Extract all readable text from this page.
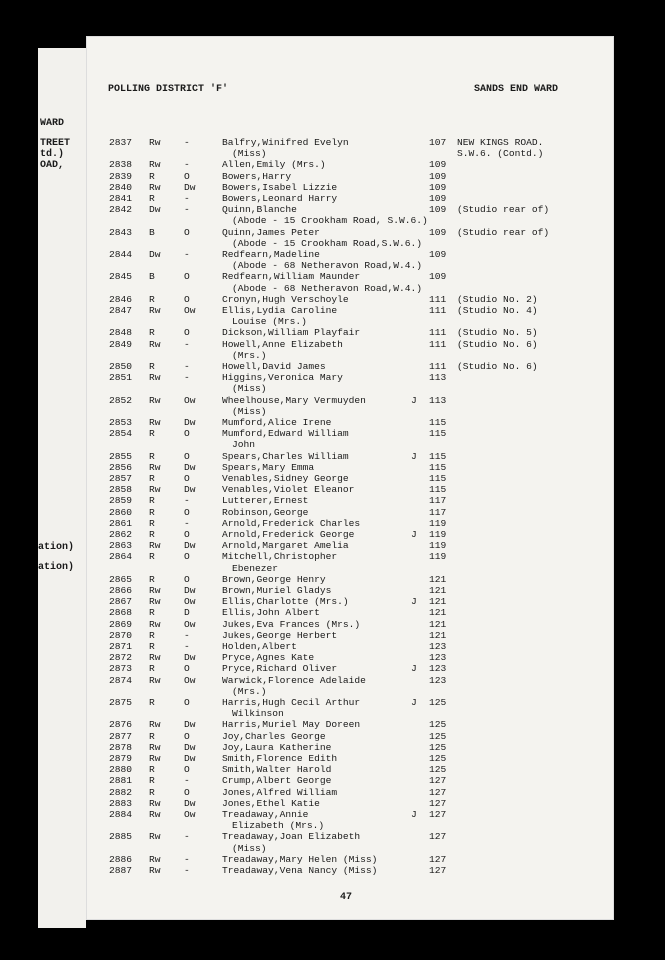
WARD
TREET
td.)
OAD,
ation)
ation)
POLLING DISTRICT 'F'	SANDS END WARD
2837 Rw -	Balfry,Winifred Evelyn	107 NEW KINGS ROAD.
(Miss)	S.W.6. (Contd.)
2838 Rw -	Allen,Emily (Mrs.)	109
2839 R	O	Bowers,Harry	109
2840 Rw Dw	Bowers,Isabel Lizzie	109
2841 R	-	Bowers,Leonard Harry	109
2842 Dw -	Quinn,Blanche	109 (Studio rear of)
(Abode - 15 Crookham Road, S.W.6.)
2843 B	O	Quinn,James Peter	109 (Studio rear of)
(Abode - 15 Crookham Road,S.W.6.)
2844 Dw -	Redfearn,Madeline	109
(Abode - 68 Netheravon Road,W.4.)
2845 B	O	Redfearn,William Maunder	109
(Abode - 68 Netheravon Road,W.4.)
2846 R	O	Cronyn,Hugh Verschoyle	111 (Studio No. 2)
2847 Rw Ow	Ellis,Lydia Caroline	111 (Studio No. 4)
Louise (Mrs.)
2848 R	O	Dickson,William Playfair	111 (Studio No. 5)
2849 Rw -	Howell,Anne Elizabeth	111 (Studio No. 6)
(Mrs.)
2850 R	-	Howell,David James	111 (Studio No. 6)
2851 Rw -	Higgins,Veronica Mary	113
(Miss)
2852 Rw Ow	Wheelhouse,Mary Vermuyden	J 113
(Miss)
2853 Rw Dw	Mumford,Alice Irene	115
2854 R	O	Mumford,Edward William	115
John
2855 R	O	Spears,Charles William	J 115
2856 Rw Dw	Spears,Mary Emma	115
2857 R	O	Venables,Sidney George	115
2858 Rw Dw	Venables,Violet Eleanor	115
2859 R	-	Lutterer,Ernest	117
2860 R	O	Robinson,George	117
2861 R	-	Arnold,Frederick Charles	119
2862 R	O	Arnold,Frederick George	J 119
2863 Rw Dw	Arnold,Margaret Amelia	119
2864 R	O	Mitchell,Christopher	119
Ebenezer
2865 R	O	Brown,George Henry	121
2866 Rw Dw	Brown,Muriel Gladys	121
2867 Rw Ow	Ellis,Charlotte (Mrs.)	J 121
2868 R	D	Ellis,John Albert	121
2869 Rw Ow	Jukes,Eva Frances (Mrs.)	121
2870 R	-	Jukes,George Herbert	121
2871 R	-	Holden,Albert	123
2872 Rw Dw	Pryce,Agnes Kate	123
2873 R	O	Pryce,Richard Oliver	J 123
2874 Rw Ow	Warwick,Florence Adelaide	123
(Mrs.)
2875 R	O	Harris,Hugh Cecil Arthur	J 125
Wilkinson
2876 Rw Dw	Harris,Muriel May Doreen	125
2877 R	O	Joy,Charles George	125
2878 Rw Dw	Joy,Laura Katherine	125
2879 Rw Dw	Smith,Florence Edith	125
2880 R	O	Smith,Walter Harold	125
2881 R	-	Crump,Albert George	127
2882 R	O	Jones,Alfred William	127
2883 Rw Dw	Jones,Ethel Katie	127
2884 Rw Ow	Treadaway,Annie	J 127
Elizabeth (Mrs.)
2885 Rw -	Treadaway,Joan Elizabeth	127
(Miss)
2886 Rw -	Treadaway,Mary Helen (Miss)	127
2887 Rw -	Treadaway,Vena Nancy (Miss)	127
47
